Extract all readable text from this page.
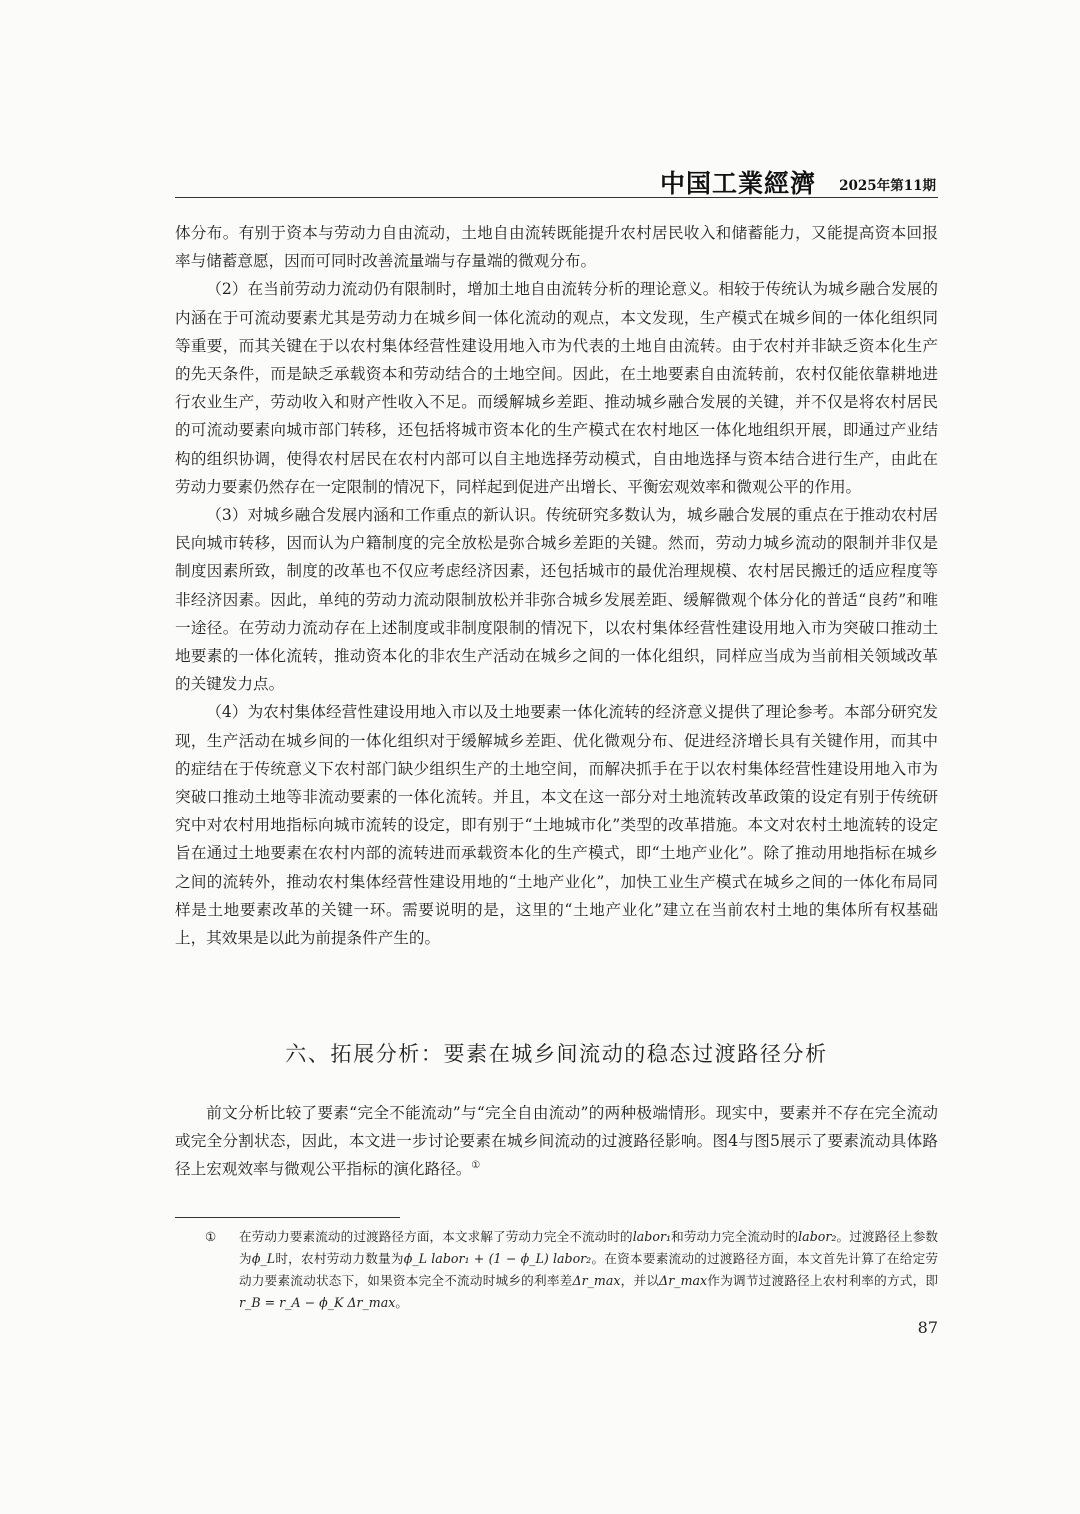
中国工業經濟 2025年第11期

体分布。有别于资本与劳动力自由流动，土地自由流转既能提升农村居民收入和储蓄能力，又能提高资本回报率与储蓄意愿，因而可同时改善流量端与存量端的微观分布。

（2）在当前劳动力流动仍有限制时，增加土地自由流转分析的理论意义。相较于传统认为城乡融合发展的内涵在于可流动要素尤其是劳动力在城乡间一体化流动的观点，本文发现，生产模式在城乡间的一体化组织同等重要，而其关键在于以农村集体经营性建设用地入市为代表的土地自由流转。由于农村并非缺乏资本化生产的先天条件，而是缺乏承载资本和劳动结合的土地空间。因此，在土地要素自由流转前，农村仅能依靠耕地进行农业生产，劳动收入和财产性收入不足。而缓解城乡差距、推动城乡融合发展的关键，并不仅是将农村居民的可流动要素向城市部门转移，还包括将城市资本化的生产模式在农村地区一体化地组织开展，即通过产业结构的组织协调，使得农村居民在农村内部可以自主地选择劳动模式，自由地选择与资本结合进行生产，由此在劳动力要素仍然存在一定限制的情况下，同样起到促进产出增长、平衡宏观效率和微观公平的作用。

（3）对城乡融合发展内涵和工作重点的新认识。传统研究多数认为，城乡融合发展的重点在于推动农村居民向城市转移，因而认为户籍制度的完全放松是弥合城乡差距的关键。然而，劳动力城乡流动的限制并非仅是制度因素所致，制度的改革也不仅应考虑经济因素，还包括城市的最优治理规模、农村居民搬迁的适应程度等非经济因素。因此，单纯的劳动力流动限制放松并非弥合城乡发展差距、缓解微观个体分化的普适“良药”和唯一途径。在劳动力流动存在上述制度或非制度限制的情况下，以农村集体经营性建设用地入市为突破口推动土地要素的一体化流转，推动资本化的非农生产活动在城乡之间的一体化组织，同样应当成为当前相关领域改革的关键发力点。

（4）为农村集体经营性建设用地入市以及土地要素一体化流转的经济意义提供了理论参考。本部分研究发现，生产活动在城乡间的一体化组织对于缓解城乡差距、优化微观分布、促进经济增长具有关键作用，而其中的症结在于传统意义下农村部门缺少组织生产的土地空间，而解决抓手在于以农村集体经营性建设用地入市为突破口推动土地等非流动要素的一体化流转。并且，本文在这一部分对土地流转改革政策的设定有别于传统研究中对农村用地指标向城市流转的设定，即有别于“土地城市化”类型的改革措施。本文对农村土地流转的设定旨在通过土地要素在农村内部的流转进而承载资本化的生产模式，即“土地产业化”。除了推动用地指标在城乡之间的流转外，推动农村集体经营性建设用地的“土地产业化”，加快工业生产模式在城乡之间的一体化布局同样是土地要素改革的关键一环。需要说明的是，这里的“土地产业化”建立在当前农村土地的集体所有权基础上，其效果是以此为前提条件产生的。

六、拓展分析：要素在城乡间流动的稳态过渡路径分析

前文分析比较了要素“完全不能流动”与“完全自由流动”的两种极端情形。现实中，要素并不存在完全流动或完全分割状态，因此，本文进一步讨论要素在城乡间流动的过渡路径影响。图4与图5展示了要素流动具体路径上宏观效率与微观公平指标的演化路径。①

① 在劳动力要素流动的过渡路径方面，本文求解了劳动力完全不流动时的labor₁和劳动力完全流动时的labor₂。过渡路径上参数为ϕ_L时，农村劳动力数量为ϕ_L labor₁ + (1 − ϕ_L) labor₂。在资本要素流动的过渡路径方面，本文首先计算了在给定劳动力要素流动状态下，如果资本完全不流动时城乡的利率差Δr_max，并以Δr_max作为调节过渡路径上农村利率的方式，即r_B = r_A − ϕ_K Δr_max。
87
